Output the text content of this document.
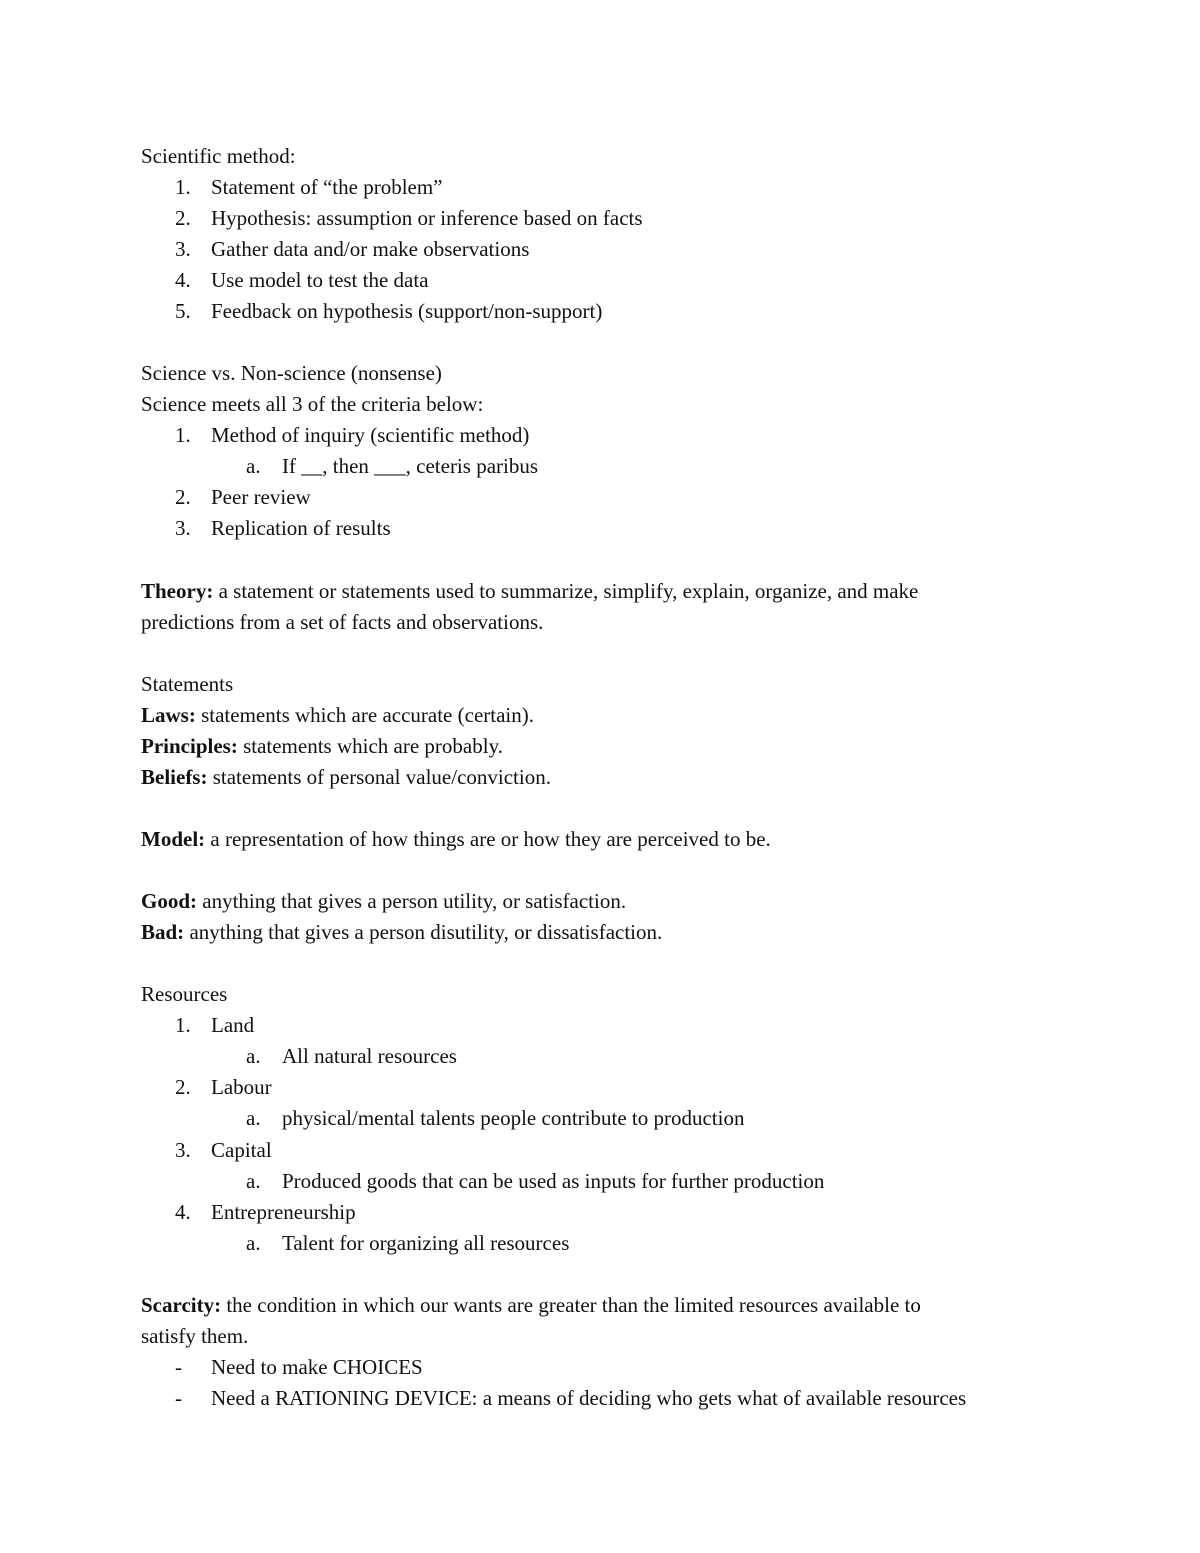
Scientific method:
1. Statement of “the problem”
2. Hypothesis: assumption or inference based on facts
3. Gather data and/or make observations
4. Use model to test the data
5. Feedback on hypothesis (support/non-support)
Science vs. Non-science (nonsense)
Science meets all 3 of the criteria below:
1. Method of inquiry (scientific method)
a. If __, then ___, ceteris paribus
2. Peer review
3. Replication of results
Theory: a statement or statements used to summarize, simplify, explain, organize, and make
predictions from a set of facts and observations.
Statements
Laws: statements which are accurate (certain).
Principles: statements which are probably.
Beliefs: statements of personal value/conviction.
Model: a representation of how things are or how they are perceived to be.
Good: anything that gives a person utility, or satisfaction.
Bad: anything that gives a person disutility, or dissatisfaction.
Resources
1. Land
a. All natural resources
2. Labour
a. physical/mental talents people contribute to production
3. Capital
a. Produced goods that can be used as inputs for further production
4. Entrepreneurship
a. Talent for organizing all resources
Scarcity: the condition in which our wants are greater than the limited resources available to
satisfy them.
- Need to make CHOICES
- Need a RATIONING DEVICE: a means of deciding who gets what of available resources
